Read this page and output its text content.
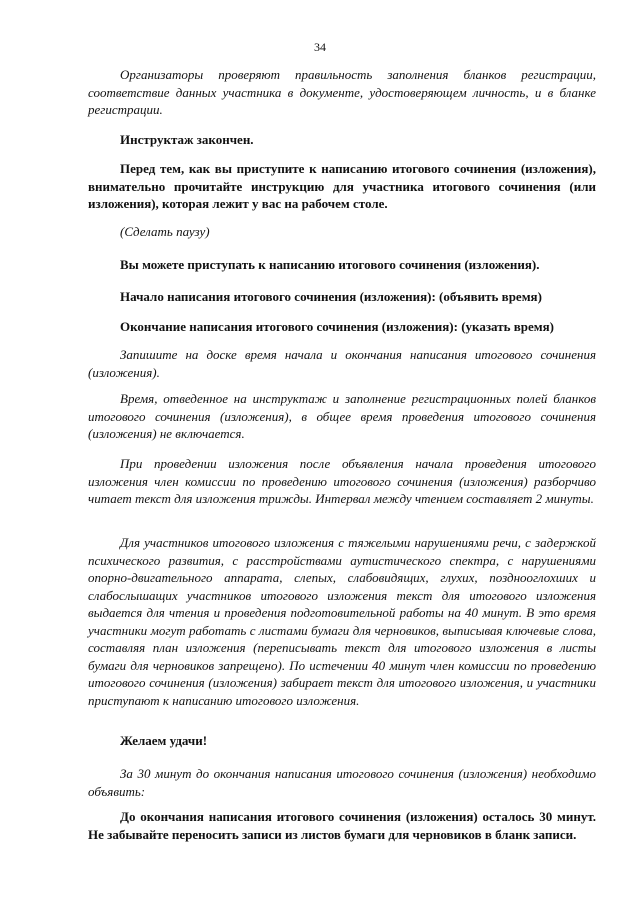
34
Организаторы проверяют правильность заполнения бланков регистрации, соответствие данных участника в документе, удостоверяющем личность, и в бланке регистрации.
Инструктаж закончен.
Перед тем, как вы приступите к написанию итогового сочинения (изложения), внимательно прочитайте инструкцию для участника итогового сочинения (или изложения), которая лежит у вас на рабочем столе.
(Сделать паузу)
Вы можете приступать к написанию итогового сочинения (изложения).
Начало написания итогового сочинения (изложения): (объявить время)
Окончание написания итогового сочинения (изложения): (указать время)
Запишите на доске время начала и окончания написания итогового сочинения (изложения).
Время, отведенное на инструктаж и заполнение регистрационных полей бланков итогового сочинения (изложения), в общее время проведения итогового сочинения (изложения) не включается.
При проведении изложения после объявления начала проведения итогового изложения член комиссии по проведению итогового сочинения (изложения) разборчиво читает текст для изложения трижды. Интервал между чтением составляет 2 минуты.
Для участников итогового изложения с тяжелыми нарушениями речи, с задержкой психического развития, с расстройствами аутистического спектра, с нарушениями опорно-двигательного аппарата, слепых, слабовидящих, глухих, позднооглохших и слабослышащих участников итогового изложения текст для итогового изложения выдается для чтения и проведения подготовительной работы на 40 минут. В это время участники могут работать с листами бумаги для черновиков, выписывая ключевые слова, составляя план изложения (переписывать текст для итогового изложения в листы бумаги для черновиков запрещено). По истечении 40 минут член комиссии по проведению итогового сочинения (изложения) забирает текст для итогового изложения, и участники приступают к написанию итогового изложения.
Желаем удачи!
За 30 минут до окончания написания итогового сочинения (изложения) необходимо объявить:
До окончания написания итогового сочинения (изложения) осталось 30 минут. Не забывайте переносить записи из листов бумаги для черновиков в бланк записи.
